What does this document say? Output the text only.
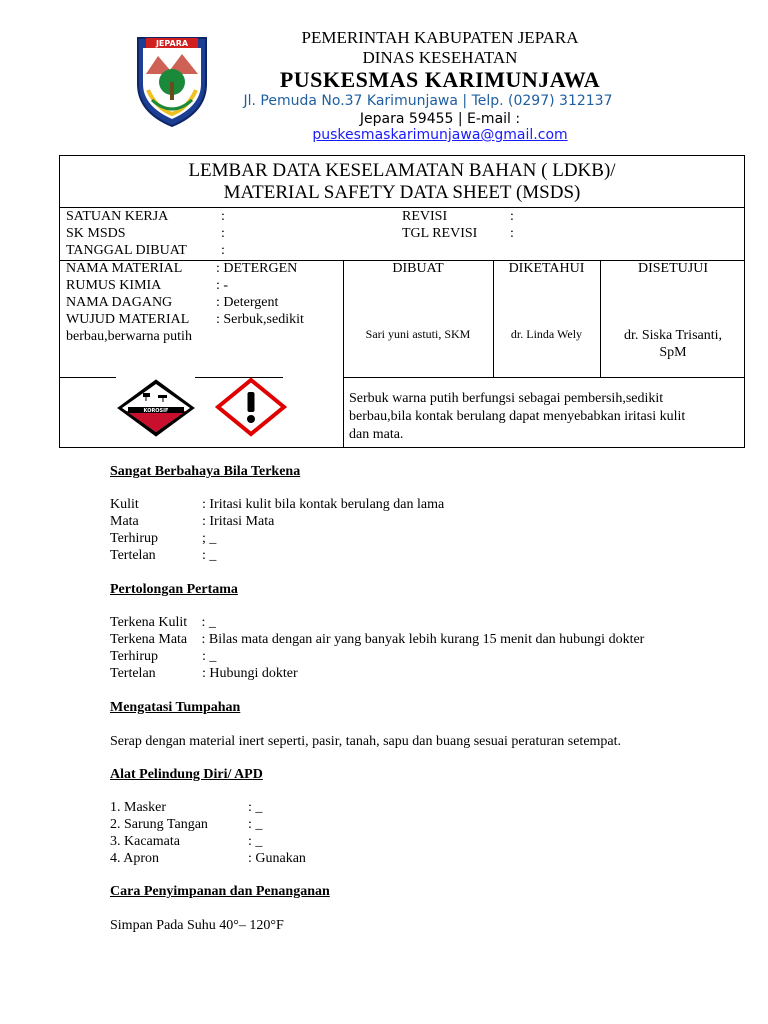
JEPARA	PEMERINTAH KABUPATEN JEPARA
DINAS KESEHATAN
PUSKESMAS KARIMUNJAWA
Jl. Pemuda No.37 Karimunjawa | Telp. (0297) 312137
Jepara 59455 | E-mail :
puskesmaskarimunjawa@gmail.com
LEMBAR DATA KESELAMATAN BAHAN ( LDKB)/
MATERIAL SAFETY DATA SHEET (MSDS)
SATUAN KERJA	:
SK MSDS	:
TANGGAL DIBUAT :
REVISI	:
TGL REVISI :
NAMA MATERIAL : DETERGEN
RUMUS KIMIA	: -
NAMA DAGANG	: Detergent
WUJUD MATERIAL : Serbuk,sedikit
berbau,berwarna putih
DIBUAT	DIKETAHUI	DISETUJUI
Sari yuni astuti, SKM	dr. Linda Wely	dr. Siska Trisanti,
SpM
KOROSIF
Serbuk warna putih berfungsi sebagai pembersih,sedikit
berbau,bila kontak berulang dapat menyebabkan iritasi kulit
dan mata.
Sangat Berbahaya Bila Terkena
Kulit	: Iritasi kulit bila kontak berulang dan lama
Mata	: Iritasi Mata
Terhirup	; _
Tertelan	: _
Pertolongan Pertama
Terkena Kulit : _
Terkena Mata : Bilas mata dengan air yang banyak lebih kurang 15 menit dan hubungi dokter
Terhirup	: _
Tertelan	: Hubungi dokter
Mengatasi Tumpahan
Serap dengan material inert seperti, pasir, tanah, sapu dan buang sesuai peraturan setempat.
Alat Pelindung Diri/ APD
1. Masker	: _
2. Sarung Tangan	: _
3. Kacamata	: _
4. Apron	: Gunakan
Cara Penyimpanan dan Penanganan
Simpan Pada Suhu 40°– 120°F
